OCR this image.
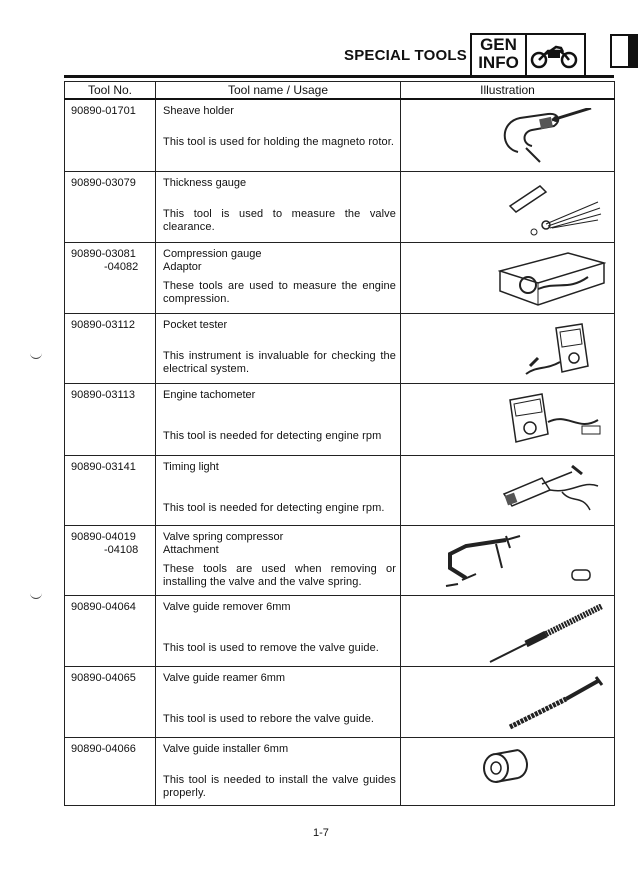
SPECIAL TOOLS
GEN
INFO
Tool No.	Tool name / Usage	Illustration
90890-01701	Sheave holder
This tool is used for holding the magneto rotor.

90890-03079	Thickness gauge
This tool is used to measure the valve clearance.

90890-03081
-04082	Compression gauge
Adaptor
These tools are used to measure the engine compression.

90890-03112	Pocket tester
This instrument is invaluable for checking the electrical system.

90890-03113	Engine tachometer
This tool is needed for detecting engine rpm

90890-03141	Timing light
This tool is needed for detecting engine rpm.

90890-04019
-04108	Valve spring compressor
Attachment
These tools are used when removing or installing the valve and the valve spring.

90890-04064	Valve guide remover 6mm
This tool is used to remove the valve guide.

90890-04065	Valve guide reamer 6mm
This tool is used to rebore the valve guide.

90890-04066	Valve guide installer 6mm
This tool is needed to install the valve guides properly.

1-7
